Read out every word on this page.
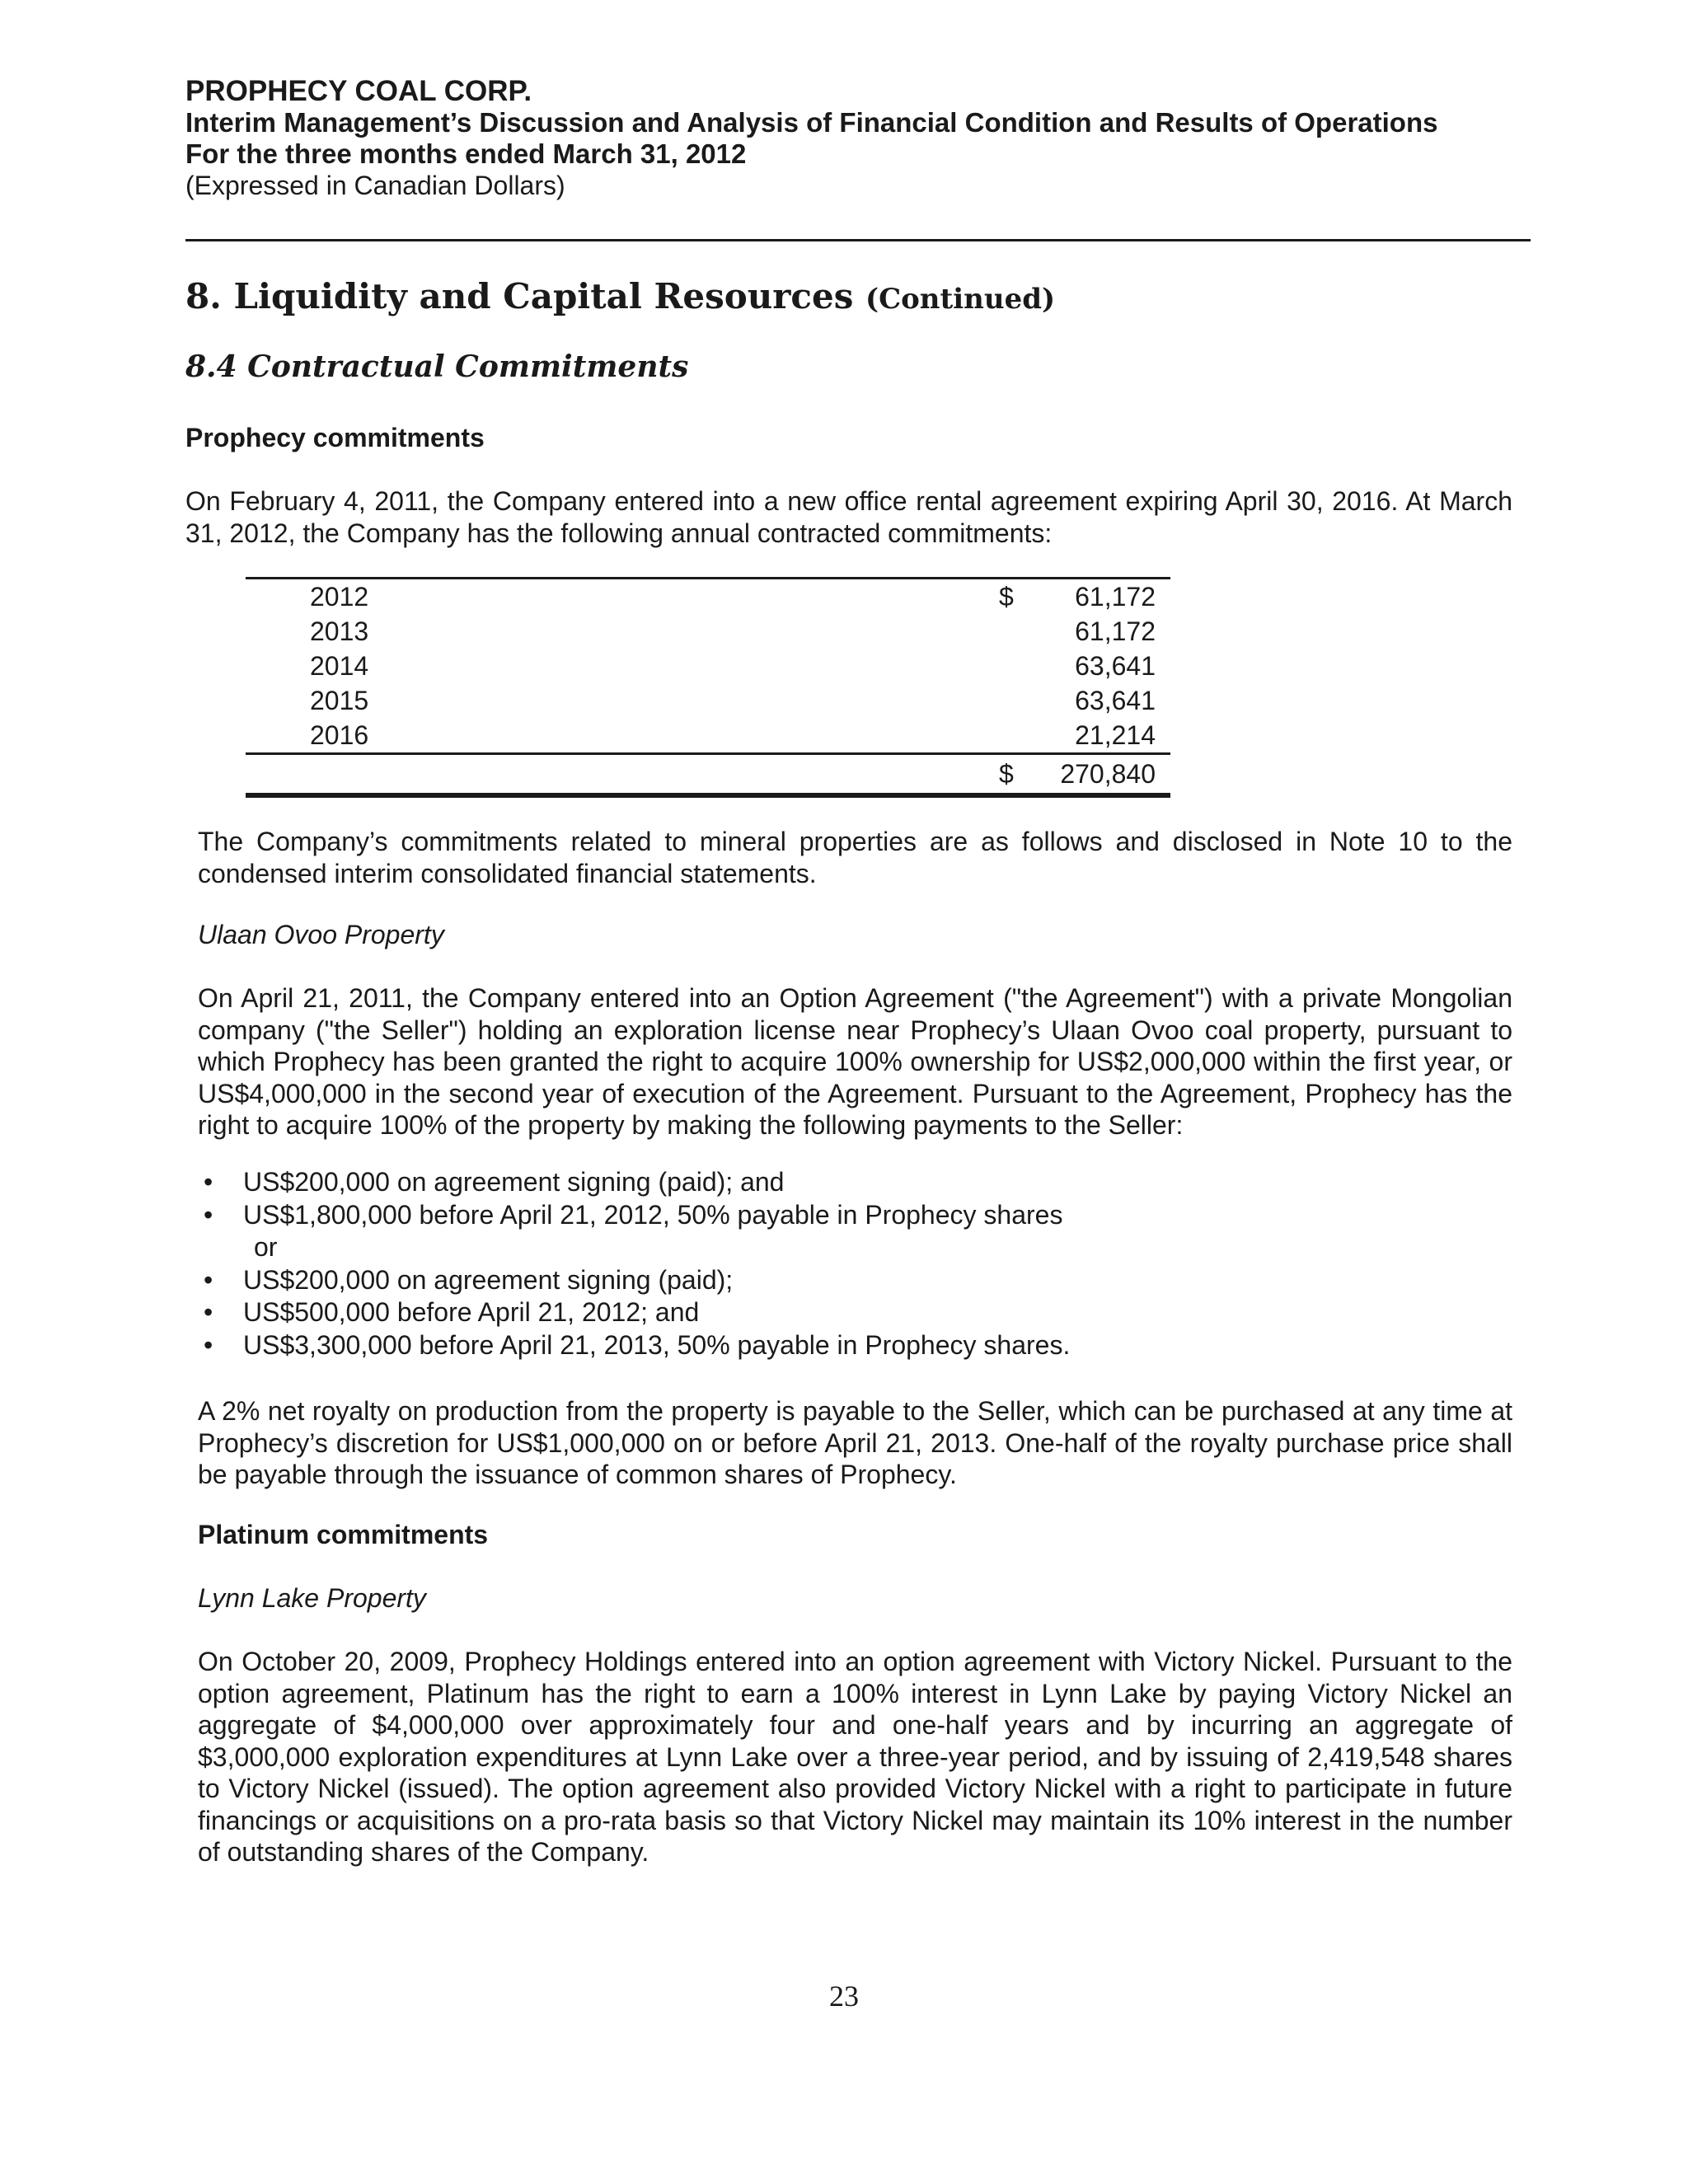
PROPHECY COAL CORP.
Interim Management’s Discussion and Analysis of Financial Condition and Results of Operations
For the three months ended March 31, 2012
(Expressed in Canadian Dollars)
8. Liquidity and Capital Resources (Continued)
8.4 Contractual Commitments
Prophecy commitments
On February 4, 2011, the Company entered into a new office rental agreement expiring April 30, 2016. At March 31, 2012, the Company has the following annual contracted commitments:
2012	$	61,172
2013		61,172
2014		63,641
2015		63,641
2016		21,214
	$	270,840
The Company’s commitments related to mineral properties are as follows and disclosed in Note 10 to the condensed interim consolidated financial statements.
Ulaan Ovoo Property
On April 21, 2011, the Company entered into an Option Agreement ("the Agreement") with a private Mongolian company ("the Seller") holding an exploration license near Prophecy’s Ulaan Ovoo coal property, pursuant to which Prophecy has been granted the right to acquire 100% ownership for US$2,000,000 within the first year, or US$4,000,000 in the second year of execution of the Agreement. Pursuant to the Agreement, Prophecy has the right to acquire 100% of the property by making the following payments to the Seller:
• US$200,000 on agreement signing (paid); and
• US$1,800,000 before April 21, 2012, 50% payable in Prophecy shares
or
• US$200,000 on agreement signing (paid);
• US$500,000 before April 21, 2012; and
• US$3,300,000 before April 21, 2013, 50% payable in Prophecy shares.
A 2% net royalty on production from the property is payable to the Seller, which can be purchased at any time at Prophecy’s discretion for US$1,000,000 on or before April 21, 2013. One-half of the royalty purchase price shall be payable through the issuance of common shares of Prophecy.
Platinum commitments
Lynn Lake Property
On October 20, 2009, Prophecy Holdings entered into an option agreement with Victory Nickel. Pursuant to the option agreement, Platinum has the right to earn a 100% interest in Lynn Lake by paying Victory Nickel an aggregate of $4,000,000 over approximately four and one-half years and by incurring an aggregate of $3,000,000 exploration expenditures at Lynn Lake over a three-year period, and by issuing of 2,419,548 shares to Victory Nickel (issued). The option agreement also provided Victory Nickel with a right to participate in future financings or acquisitions on a pro-rata basis so that Victory Nickel may maintain its 10% interest in the number of outstanding shares of the Company.
23
